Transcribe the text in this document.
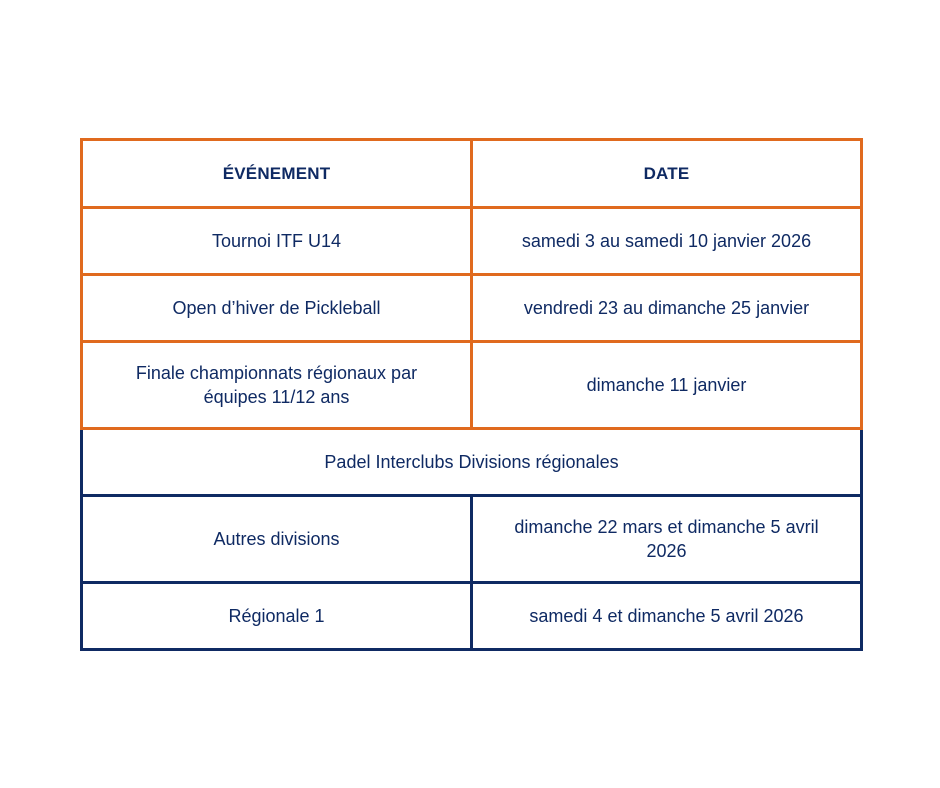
ÉVÉNEMENT	DATE
Tournoi ITF U14	samedi 3 au samedi 10 janvier 2026
Open d’hiver de Pickleball	vendredi 23 au dimanche 25 janvier
Finale championnats régionaux par équipes 11/12 ans	dimanche 11 janvier
Padel Interclubs Divisions régionales	
Autres divisions	dimanche 22 mars et dimanche 5 avril 2026
Régionale 1	samedi 4 et dimanche 5 avril 2026
